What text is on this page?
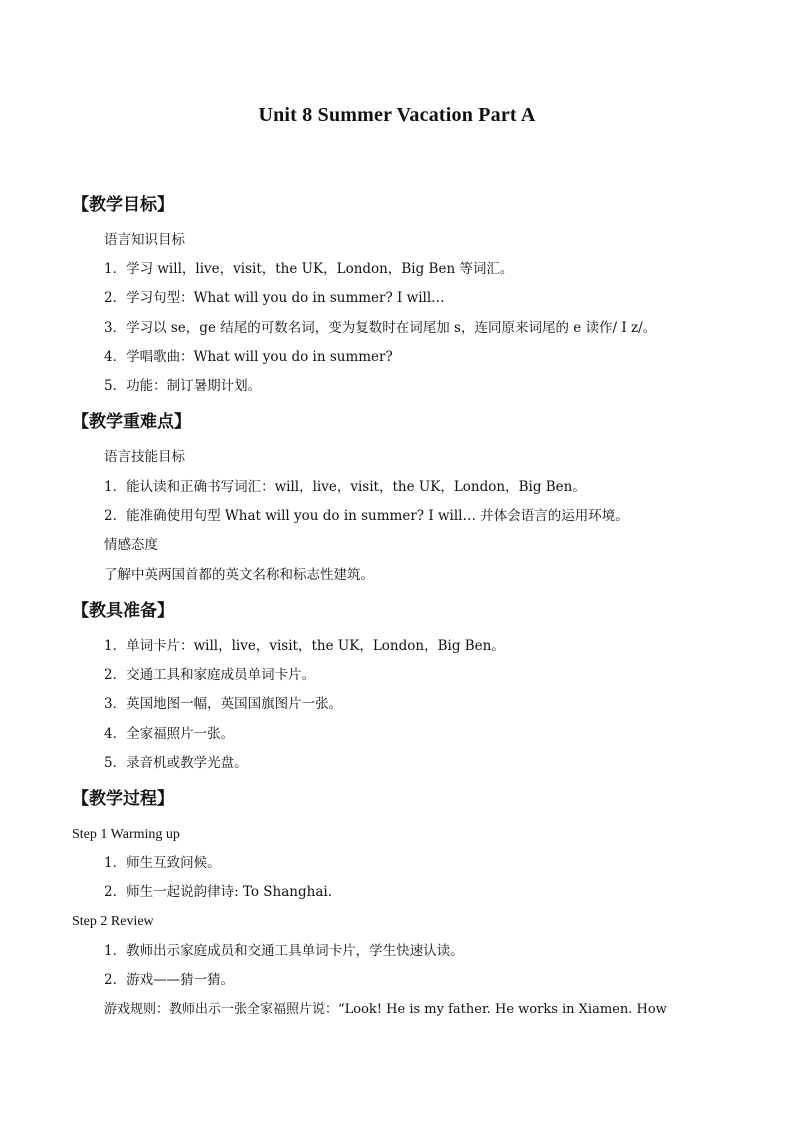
Unit 8 Summer Vacation Part A
【教学目标】
语言知识目标
1．学习 will，live，visit，the UK，London，Big Ben 等词汇。
2．学习句型：What will you do in summer? I will…
3．学习以 se，ge 结尾的可数名词，变为复数时在词尾加 s，连同原来词尾的 e 读作/ Ⅰ z/。
4．学唱歌曲：What will you do in summer?
5．功能：制订暑期计划。
【教学重难点】
语言技能目标
1．能认读和正确书写词汇：will，live，visit，the UK，London，Big Ben。
2．能准确使用句型 What will you do in summer? I will… 并体会语言的运用环境。
情感态度
了解中英两国首都的英文名称和标志性建筑。
【教具准备】
1．单词卡片：will，live，visit，the UK，London，Big Ben。
2．交通工具和家庭成员单词卡片。
3．英国地图一幅，英国国旗图片一张。
4．全家福照片一张。
5．录音机或教学光盘。
【教学过程】
Step 1 Warming up
1．师生互致问候。
2．师生一起说韵律诗: To Shanghai.
Step 2 Review
1．教师出示家庭成员和交通工具单词卡片，学生快速认读。
2．游戏——猜一猜。
游戏规则：教师出示一张全家福照片说：“Look! He is my father. He works in Xiamen. How
